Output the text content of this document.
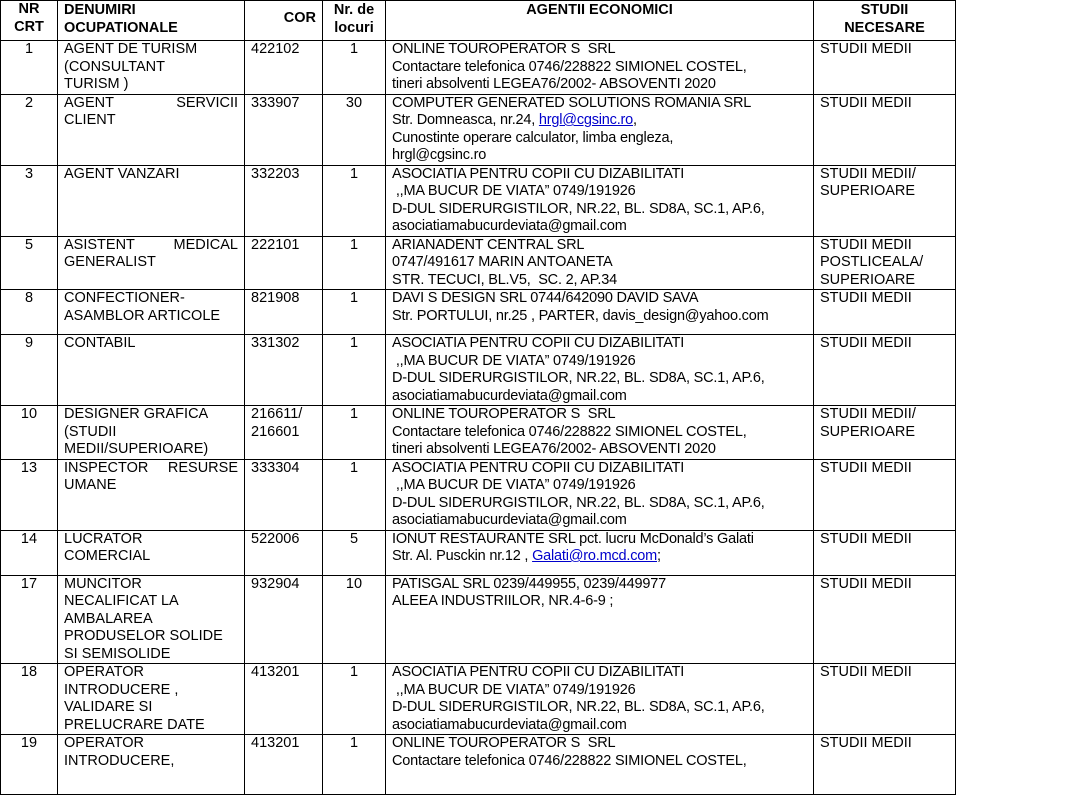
NR CRT	DENUMIRI OCUPATIONALE	COR	Nr. de locuri	AGENTII ECONOMICI	STUDII NECESARE
1	AGENT DE TURISM
(CONSULTANT
TURISM )	422102	1	ONLINE TOUROPERATOR S  SRL
Contactare telefonica 0746/228822 SIMIONEL COSTEL,
tineri absolventi LEGEA76/2002- ABSOVENTI 2020	STUDII MEDII

2	AGENT SERVICII
CLIENT	333907	30	COMPUTER GENERATED SOLUTIONS ROMANIA SRL
Str. Domneasca, nr.24, hrgl@cgsinc.ro,
Cunostinte operare calculator, limba engleza,
hrgl@cgsinc.ro	STUDII MEDII

3	AGENT VANZARI	332203	1	ASOCIATIA PENTRU COPII CU DIZABILITATI
,,MA BUCUR DE VIATA” 0749/191926
D-DUL SIDERURGISTILOR, NR.22, BL. SD8A, SC.1, AP.6,
asociatiamabucurdeviata@gmail.com	STUDII MEDII/
SUPERIOARE

5	ASISTENT MEDICAL
GENERALIST	222101	1	ARIANADENT CENTRAL SRL
0747/491617 MARIN ANTOANETA
STR. TECUCI, BL.V5,  SC. 2, AP.34	STUDII MEDII
POSTLICEALA/
SUPERIOARE

8	CONFECTIONER-
ASAMBLOR ARTICOLE	821908	1	DAVI S DESIGN SRL 0744/642090 DAVID SAVA
Str. PORTULUI, nr.25 , PARTER, davis_design@yahoo.com	STUDII MEDII

9	CONTABIL	331302	1	ASOCIATIA PENTRU COPII CU DIZABILITATI
,,MA BUCUR DE VIATA” 0749/191926
D-DUL SIDERURGISTILOR, NR.22, BL. SD8A, SC.1, AP.6,
asociatiamabucurdeviata@gmail.com	STUDII MEDII

10	DESIGNER GRAFICA
(STUDII
MEDII/SUPERIOARE)	216611/ 216601	1	ONLINE TOUROPERATOR S  SRL
Contactare telefonica 0746/228822 SIMIONEL COSTEL,
tineri absolventi LEGEA76/2002- ABSOVENTI 2020	STUDII MEDII/
SUPERIOARE

13	INSPECTOR RESURSE
UMANE	333304	1	ASOCIATIA PENTRU COPII CU DIZABILITATI
,,MA BUCUR DE VIATA” 0749/191926
D-DUL SIDERURGISTILOR, NR.22, BL. SD8A, SC.1, AP.6,
asociatiamabucurdeviata@gmail.com	STUDII MEDII

14	LUCRATOR
COMERCIAL	522006	5	IONUT RESTAURANTE SRL pct. lucru McDonald’s Galati
Str. Al. Pusckin nr.12 , Galati@ro.mcd.com;	STUDII MEDII

17	MUNCITOR
NECALIFICAT LA
AMBALAREA
PRODUSELOR SOLIDE
SI SEMISOLIDE	932904	10	PATISGAL SRL 0239/449955, 0239/449977
ALEEA INDUSTRIILOR, NR.4-6-9 ;	STUDII MEDII

18	OPERATOR
INTRODUCERE ,
VALIDARE SI
PRELUCRARE DATE	413201	1	ASOCIATIA PENTRU COPII CU DIZABILITATI
,,MA BUCUR DE VIATA” 0749/191926
D-DUL SIDERURGISTILOR, NR.22, BL. SD8A, SC.1, AP.6,
asociatiamabucurdeviata@gmail.com	STUDII MEDII

19	OPERATOR
INTRODUCERE,	413201	1	ONLINE TOUROPERATOR S  SRL
Contactare telefonica 0746/228822 SIMIONEL COSTEL,	STUDII MEDII
